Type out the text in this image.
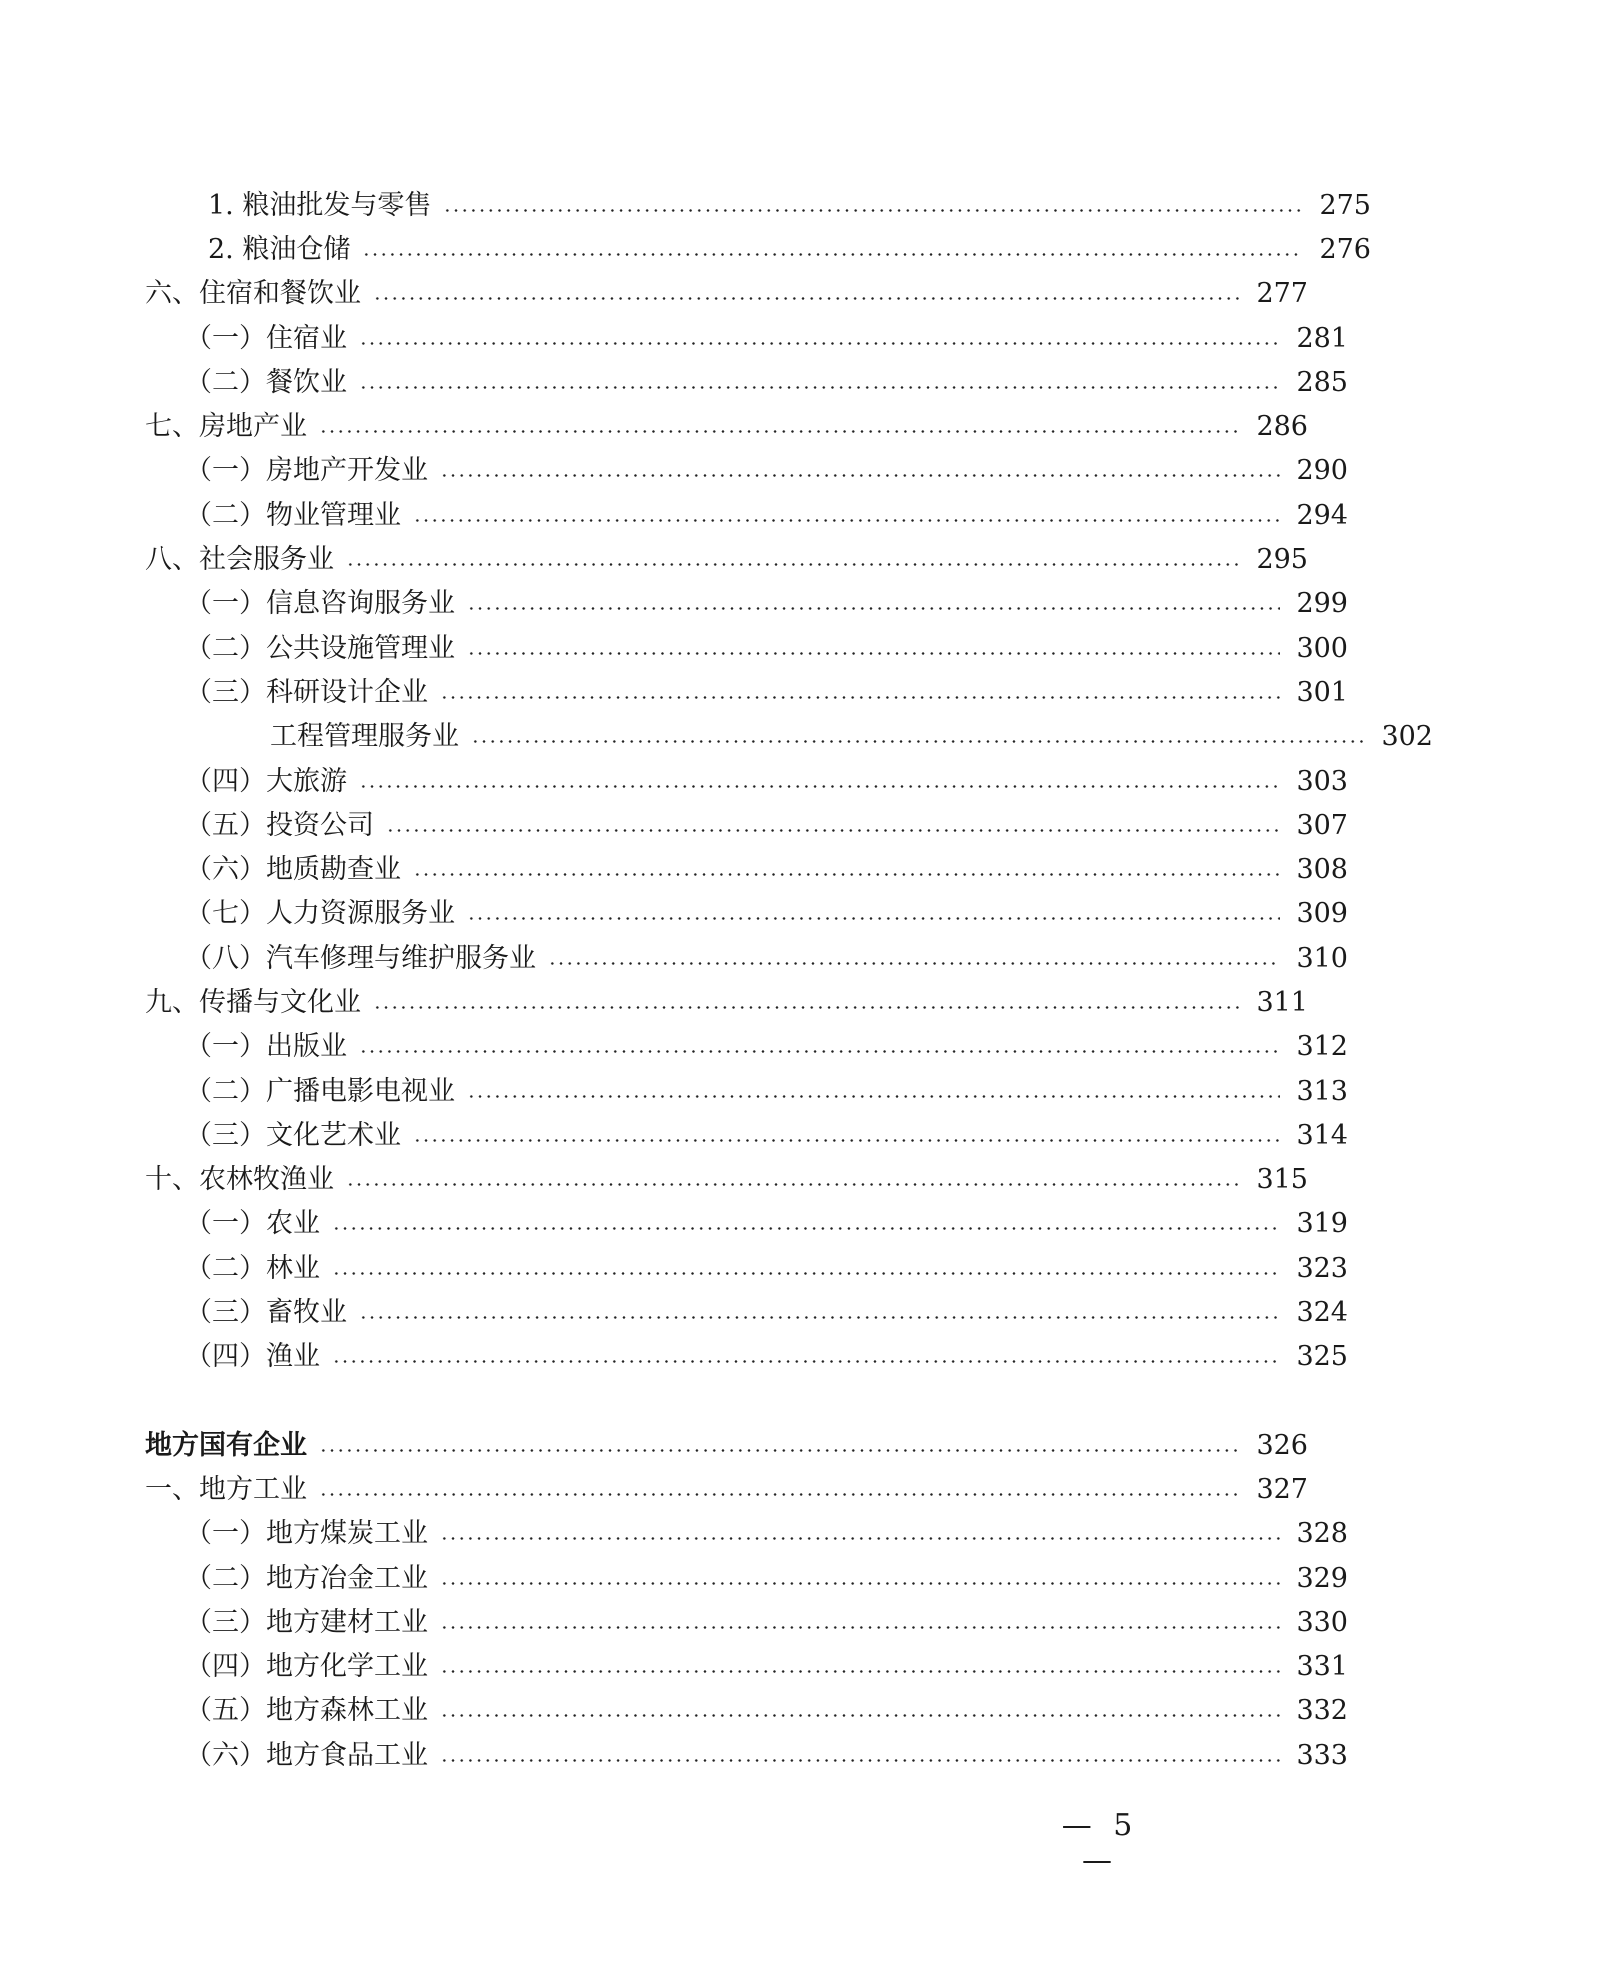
1. 粮油批发与零售	275
2. 粮油仓储	276
六、住宿和餐饮业	277
（一）住宿业	281
（二）餐饮业	285
七、房地产业	286
（一）房地产开发业	290
（二）物业管理业	294
八、社会服务业	295
（一）信息咨询服务业	299
（二）公共设施管理业	300
（三）科研设计企业	301
工程管理服务业	302
（四）大旅游	303
（五）投资公司	307
（六）地质勘查业	308
（七）人力资源服务业	309
（八）汽车修理与维护服务业	310
九、传播与文化业	311
（一）出版业	312
（二）广播电影电视业	313
（三）文化艺术业	314
十、农林牧渔业	315
（一）农业	319
（二）林业	323
（三）畜牧业	324
（四）渔业	325
地方国有企业	326
一、地方工业	327
（一）地方煤炭工业	328
（二）地方冶金工业	329
（三）地方建材工业	330
（四）地方化学工业	331
（五）地方森林工业	332
（六）地方食品工业	333
— 5 —
